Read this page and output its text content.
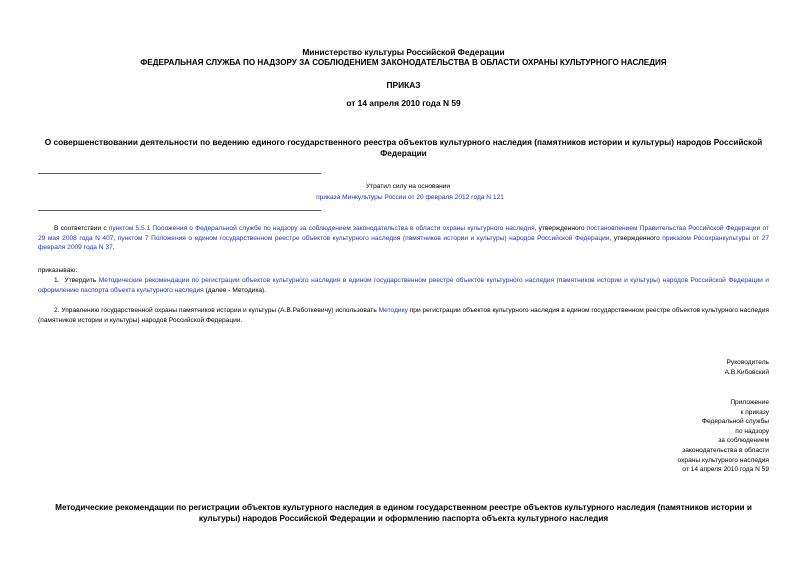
Министерство культуры Российской Федерации
ФЕДЕРАЛЬНАЯ СЛУЖБА ПО НАДЗОРУ ЗА СОБЛЮДЕНИЕМ ЗАКОНОДАТЕЛЬСТВА В ОБЛАСТИ ОХРАНЫ КУЛЬТУРНОГО НАСЛЕДИЯ
ПРИКАЗ
от 14 апреля 2010 года N 59
О совершенствовании деятельности по ведению единого государственного реестра объектов культурного наследия (памятников истории и культуры) народов Российской Федерации
Утратил силу на основании
приказа Минкультуры России от 20 февраля 2012 года N 121
В соответствии с пунктом 5.5.1 Положения о Федеральной службе по надзору за соблюдением законодательства в области охраны культурного наследия, утвержденного постановлением Правительства Российской Федерации от 29 мая 2008 года N 407, пунктом 7 Положения о едином государственном реестре объектов культурного наследия (памятников истории и культуры) народов Российской Федерации, утвержденного приказом Росохранкультуры от 27 февраля 2009 года N 37,
приказываю:
1. Утвердить Методические рекомендации по регистрации объектов культурного наследия в едином государственном реестре объектов культурного наследия (памятников истории и культуры) народов Российской Федерации и оформлению паспорта объекта культурного наследия (далее - Методика).
2. Управлению государственной охраны памятников истории и культуры (А.В.Работкевичу) использовать Методику при регистрации объектов культурного наследия в едином государственном реестре объектов культурного наследия (памятников истории и культуры) народов Российской Федерации.
Руководитель
А.В.Кибовский
Приложение
к приказу
Федеральной службы
по надзору
за соблюдением
законодательства в области
охраны культурного наследия
от 14 апреля 2010 года N 59
Методические рекомендации по регистрации объектов культурного наследия в едином государственном реестре объектов культурного наследия (памятников истории и культуры) народов Российской Федерации и оформлению паспорта объекта культурного наследия
